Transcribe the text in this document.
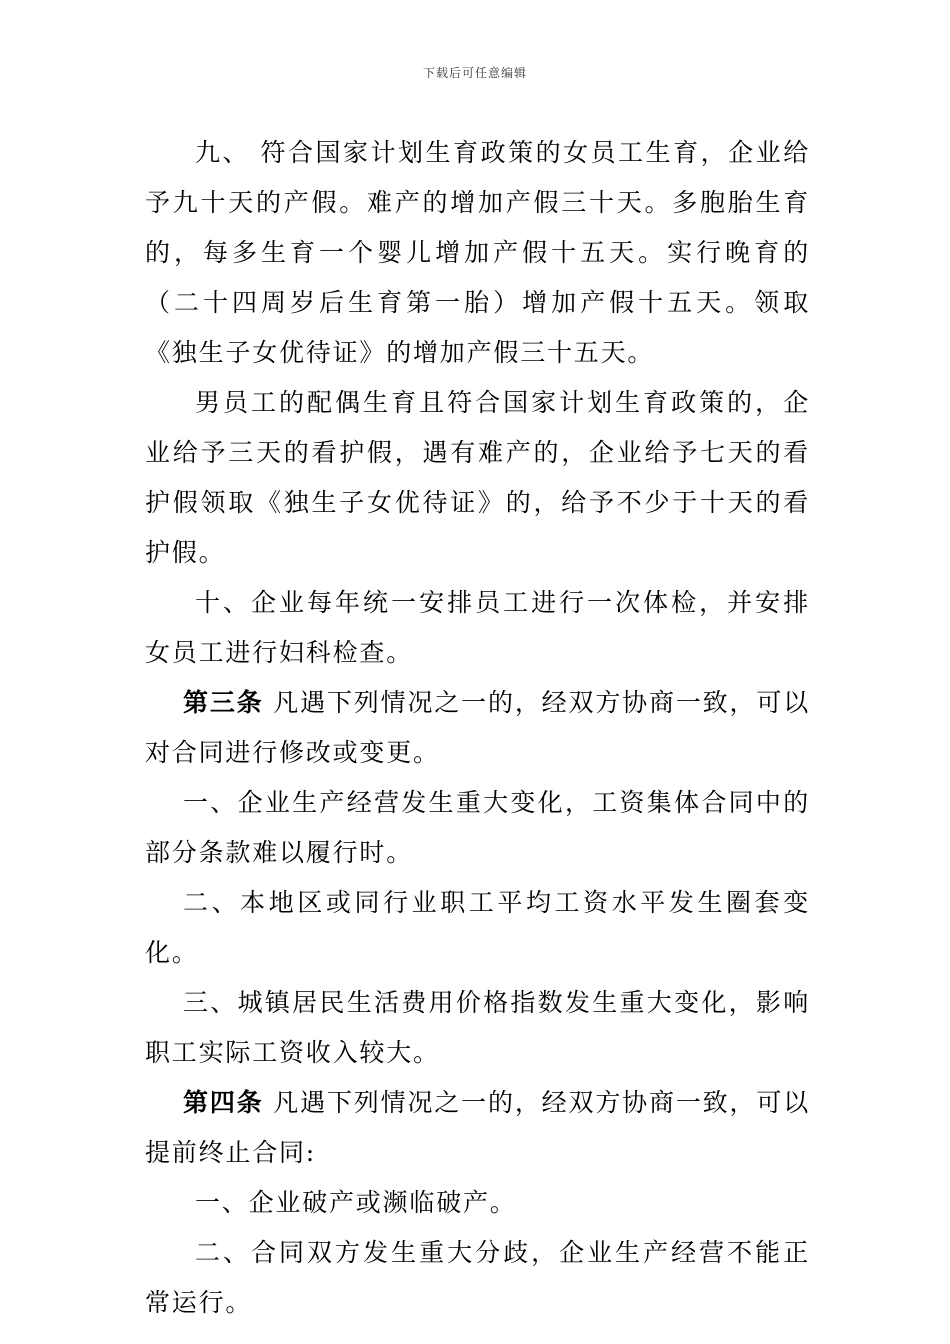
下载后可任意编辑

九、 符合国家计划生育政策的女员工生育，企业给予九十天的产假。难产的增加产假三十天。多胞胎生育的，每多生育一个婴儿增加产假十五天。实行晚育的（二十四周岁后生育第一胎）增加产假十五天。领取《独生子女优待证》的增加产假三十五天。

男员工的配偶生育且符合国家计划生育政策的，企业给予三天的看护假，遇有难产的，企业给予七天的看护假领取《独生子女优待证》的，给予不少于十天的看护假。

十、企业每年统一安排员工进行一次体检，并安排女员工进行妇科检查。

第三条 凡遇下列情况之一的，经双方协商一致，可以对合同进行修改或变更。

一、企业生产经营发生重大变化，工资集体合同中的部分条款难以履行时。

二、本地区或同行业职工平均工资水平发生圈套变化。

三、城镇居民生活费用价格指数发生重大变化，影响职工实际工资收入较大。

第四条 凡遇下列情况之一的，经双方协商一致，可以提前终止合同:

一、企业破产或濒临破产。

二、合同双方发生重大分歧，企业生产经营不能正常运行。
